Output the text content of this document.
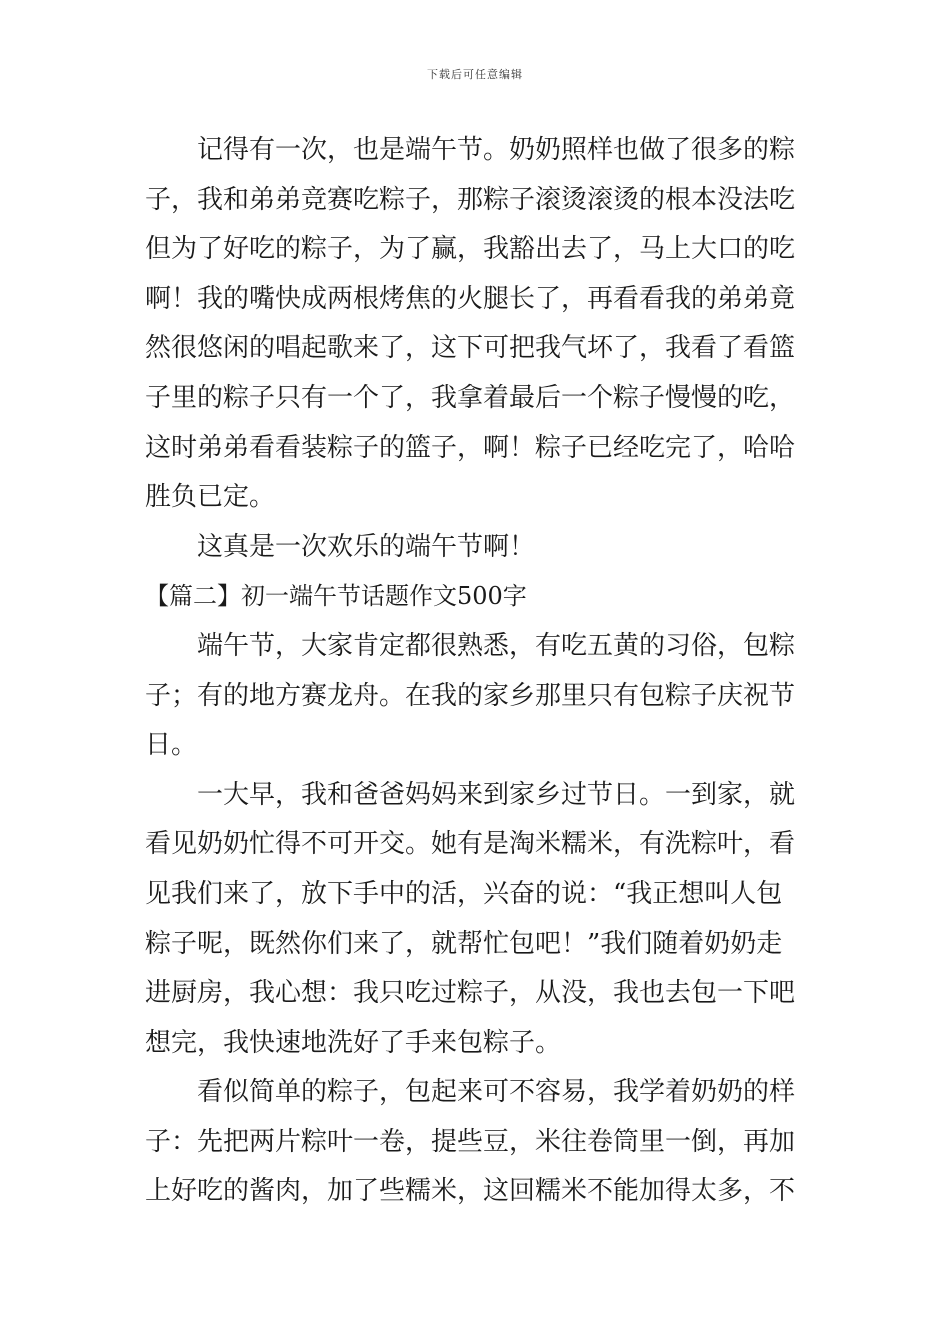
下载后可任意编辑
记得有一次，也是端午节。奶奶照样也做了很多的粽
子，我和弟弟竞赛吃粽子，那粽子滚烫滚烫的根本没法吃
但为了好吃的粽子，为了赢，我豁出去了，马上大口的吃
啊！我的嘴快成两根烤焦的火腿长了，再看看我的弟弟竟
然很悠闲的唱起歌来了，这下可把我气坏了，我看了看篮
子里的粽子只有一个了，我拿着最后一个粽子慢慢的吃，
这时弟弟看看装粽子的篮子，啊！粽子已经吃完了，哈哈
胜负已定。
这真是一次欢乐的端午节啊！
【篇二】初一端午节话题作文500字
端午节，大家肯定都很熟悉，有吃五黄的习俗，包粽
子；有的地方赛龙舟。在我的家乡那里只有包粽子庆祝节
日。
一大早，我和爸爸妈妈来到家乡过节日。一到家，就
看见奶奶忙得不可开交。她有是淘米糯米，有洗粽叶，看
见我们来了，放下手中的活，兴奋的说：“我正想叫人包
粽子呢，既然你们来了，就帮忙包吧！”我们随着奶奶走
进厨房，我心想：我只吃过粽子，从没，我也去包一下吧
想完，我快速地洗好了手来包粽子。
看似简单的粽子，包起来可不容易，我学着奶奶的样
子：先把两片粽叶一卷，提些豆，米往卷筒里一倒，再加
上好吃的酱肉，加了些糯米，这回糯米不能加得太多，不
